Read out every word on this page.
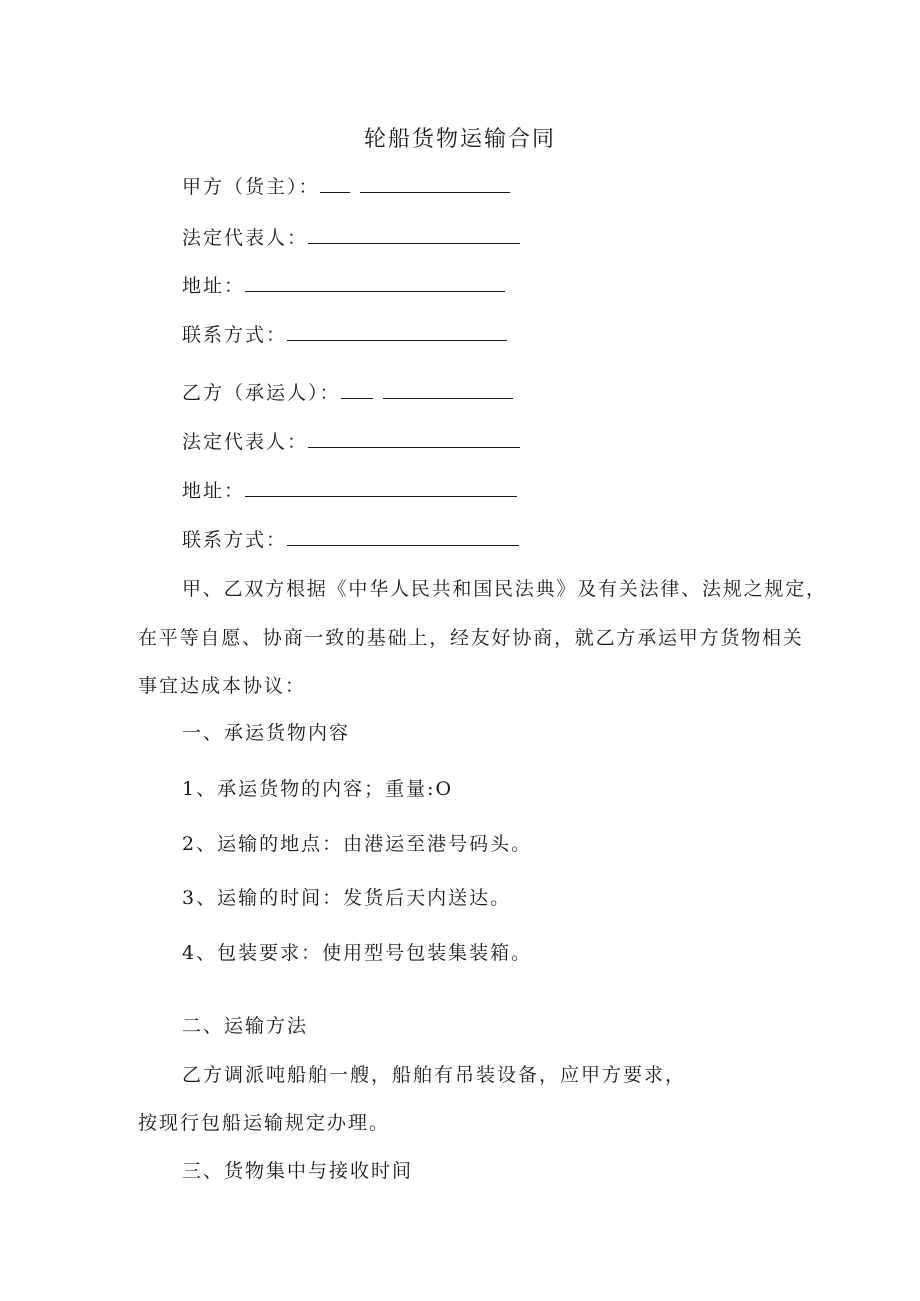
轮船货物运输合同
甲方（货主）：
法定代表人：
地址：
联系方式：
乙方（承运人）：
法定代表人：
地址：
联系方式：
甲、乙双方根据《中华人民共和国民法典》及有关法律、法规之规定，
在平等自愿、协商一致的基础上，经友好协商，就乙方承运甲方货物相关
事宜达成本协议：
一、承运货物内容
1、承运货物的内容；重量:O
2、运输的地点：由港运至港号码头。
3、运输的时间：发货后天内送达。
4、包装要求：使用型号包装集装箱。
二、运输方法
乙方调派吨船舶一艘，船舶有吊装设备，应甲方要求，
按现行包船运输规定办理。
三、货物集中与接收时间
